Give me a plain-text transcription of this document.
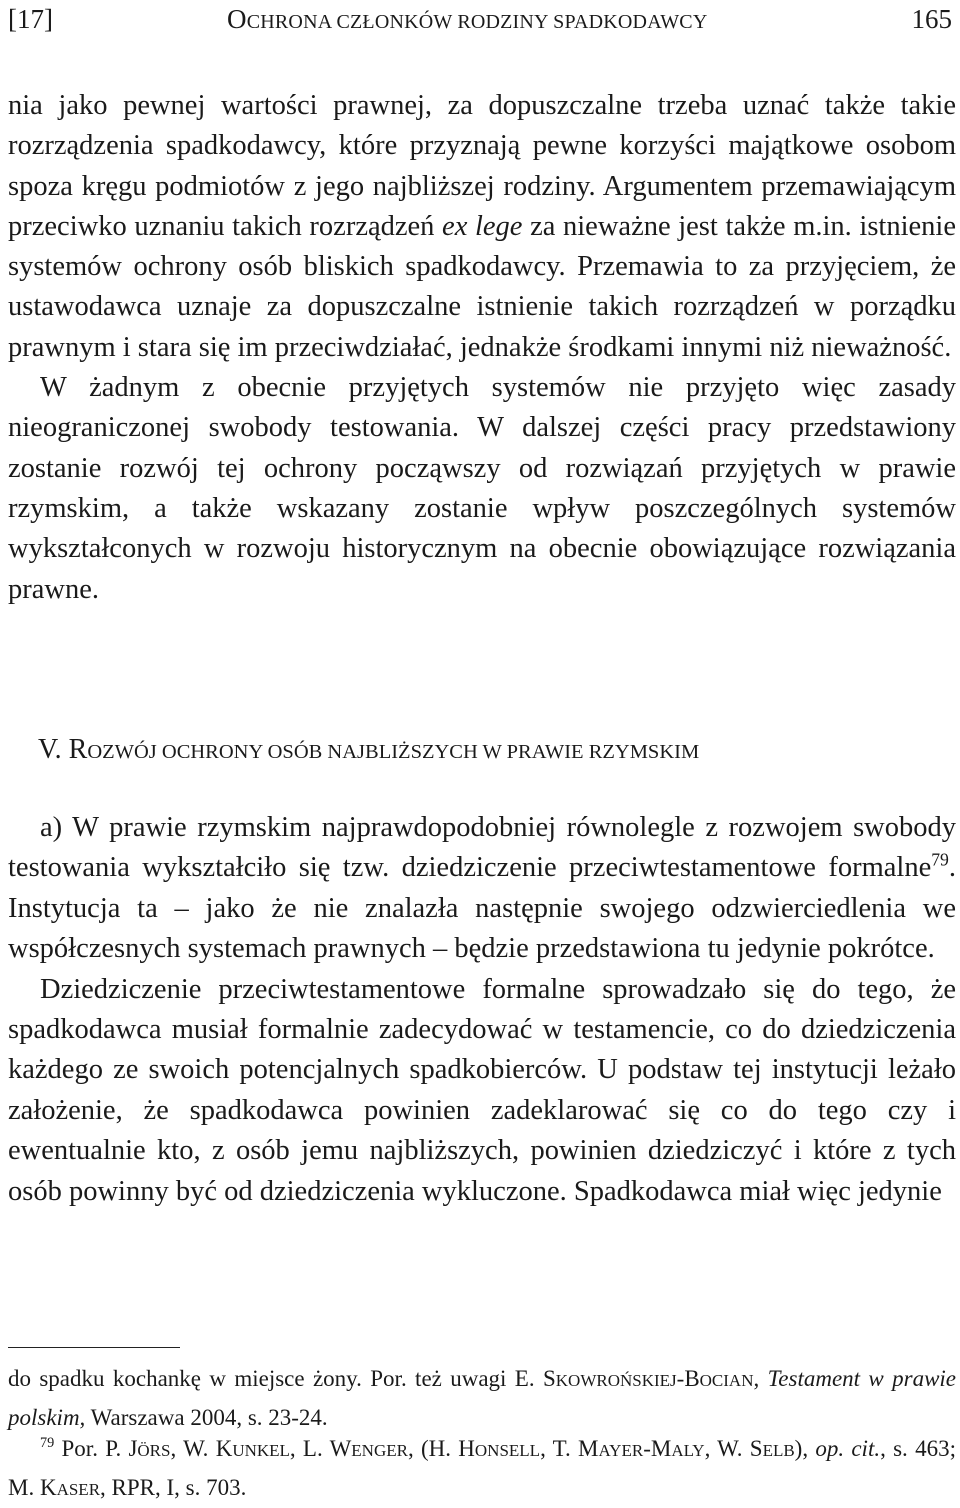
[17]	OCHRONA CZŁONKÓW RODZINY SPADKODAWCY	165

nia jako pewnej wartości prawnej, za dopuszczalne trzeba uznać także takie rozrządzenia spadkodawcy, które przyznają pewne korzyści majątkowe osobom spoza kręgu podmiotów z jego najbliższej rodziny. Argumentem przemawiającym przeciwko uznaniu takich rozrządzeń ex lege za nieważne jest także m.in. istnienie systemów ochrony osób bliskich spadkodawcy. Przemawia to za przyjęciem, że ustawodawca uznaje za dopuszczalne istnienie takich rozrządzeń w porządku prawnym i stara się im przeciwdziałać, jednakże środkami innymi niż nieważność.

W żadnym z obecnie przyjętych systemów nie przyjęto więc zasady nieograniczonej swobody testowania. W dalszej części pracy przedstawiony zostanie rozwój tej ochrony począwszy od rozwiązań przyjętych w prawie rzymskim, a także wskazany zostanie wpływ poszczególnych systemów wykształconych w rozwoju historycznym na obecnie obowiązujące rozwiązania prawne.

V. ROZWÓJ OCHRONY OSÓB NAJBLIŻSZYCH W PRAWIE RZYMSKIM

a) W prawie rzymskim najprawdopodobniej równolegle z rozwojem swobody testowania wykształciło się tzw. dziedziczenie przeciwtestamentowe formalne$^{79}$. Instytucja ta – jako że nie znalazła następnie swojego odzwierciedlenia we współczesnych systemach prawnych – będzie przedstawiona tu jedynie pokrótce.

Dziedziczenie przeciwtestamentowe formalne sprowadzało się do tego, że spadkodawca musiał formalnie zadecydować w testamencie, co do dziedziczenia każdego ze swoich potencjalnych spadkobierców. U podstaw tej instytucji leżało założenie, że spadkodawca powinien zadeklarować się co do tego czy i ewentualnie kto, z osób jemu najbliższych, powinien dziedziczyć i które z tych osób powinny być od dziedziczenia wykluczone. Spadkodawca miał więc jedynie

do spadku kochankę w miejsce żony. Por. też uwagi E. SKOWROŃSKIEJ-BOCIAN, Testament w prawie polskim, Warszawa 2004, s. 23-24.
$^{79}$ Por. P. JÖRS, W. KUNKEL, L. WENGER, (H. HONSELL, T. MAYER-MALY, W. SELB), op. cit., s. 463; M. KASER, RPR, I, s. 703.
